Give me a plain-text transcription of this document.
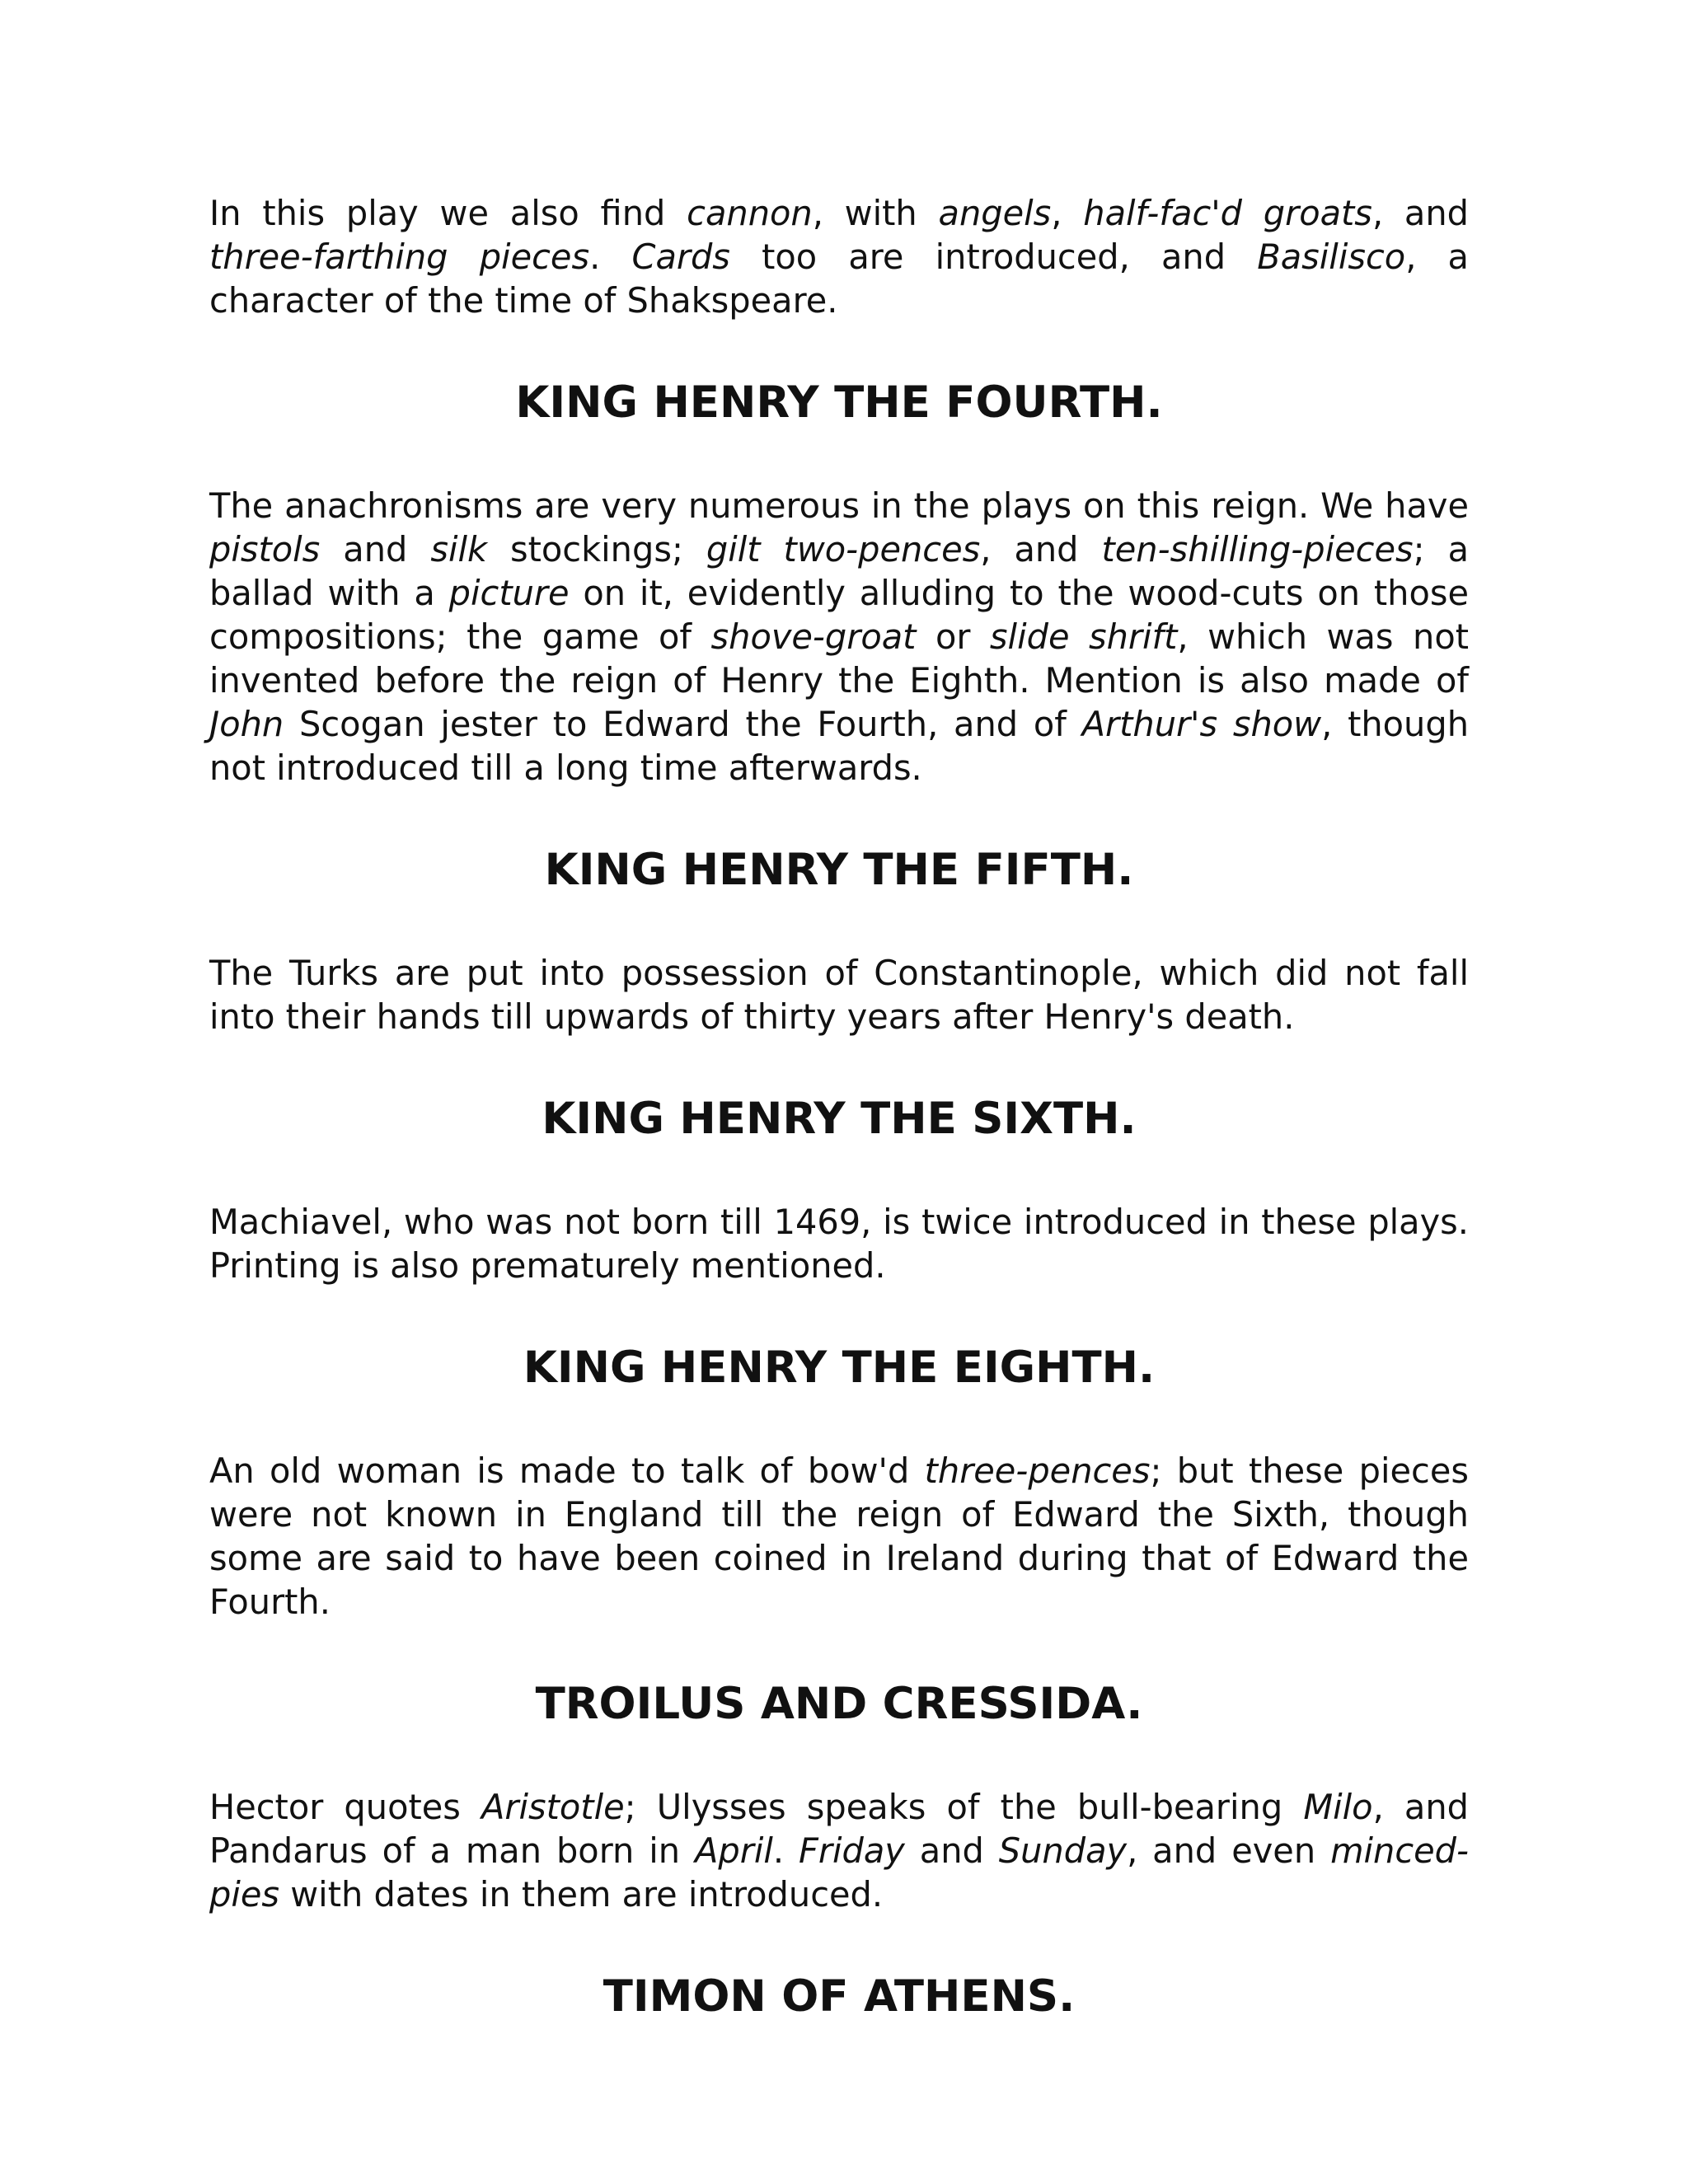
In this play we also find cannon, with angels, half-fac'd groats, and three-farthing pieces. Cards too are introduced, and Basilisco, a character of the time of Shakspeare.

KING HENRY THE FOURTH.

The anachronisms are very numerous in the plays on this reign. We have pistols and silk stockings; gilt two-pences, and ten-shilling-pieces; a ballad with a picture on it, evidently alluding to the wood-cuts on those compositions; the game of shove-groat or slide shrift, which was not invented before the reign of Henry the Eighth. Mention is also made of John Scogan jester to Edward the Fourth, and of Arthur's show, though not introduced till a long time afterwards.

KING HENRY THE FIFTH.

The Turks are put into possession of Constantinople, which did not fall into their hands till upwards of thirty years after Henry's death.

KING HENRY THE SIXTH.

Machiavel, who was not born till 1469, is twice introduced in these plays. Printing is also prematurely mentioned.

KING HENRY THE EIGHTH.

An old woman is made to talk of bow'd three-pences; but these pieces were not known in England till the reign of Edward the Sixth, though some are said to have been coined in Ireland during that of Edward the Fourth.

TROILUS AND CRESSIDA.

Hector quotes Aristotle; Ulysses speaks of the bull-bearing Milo, and Pandarus of a man born in April. Friday and Sunday, and even minced-pies with dates in them are introduced.

TIMON OF ATHENS.
